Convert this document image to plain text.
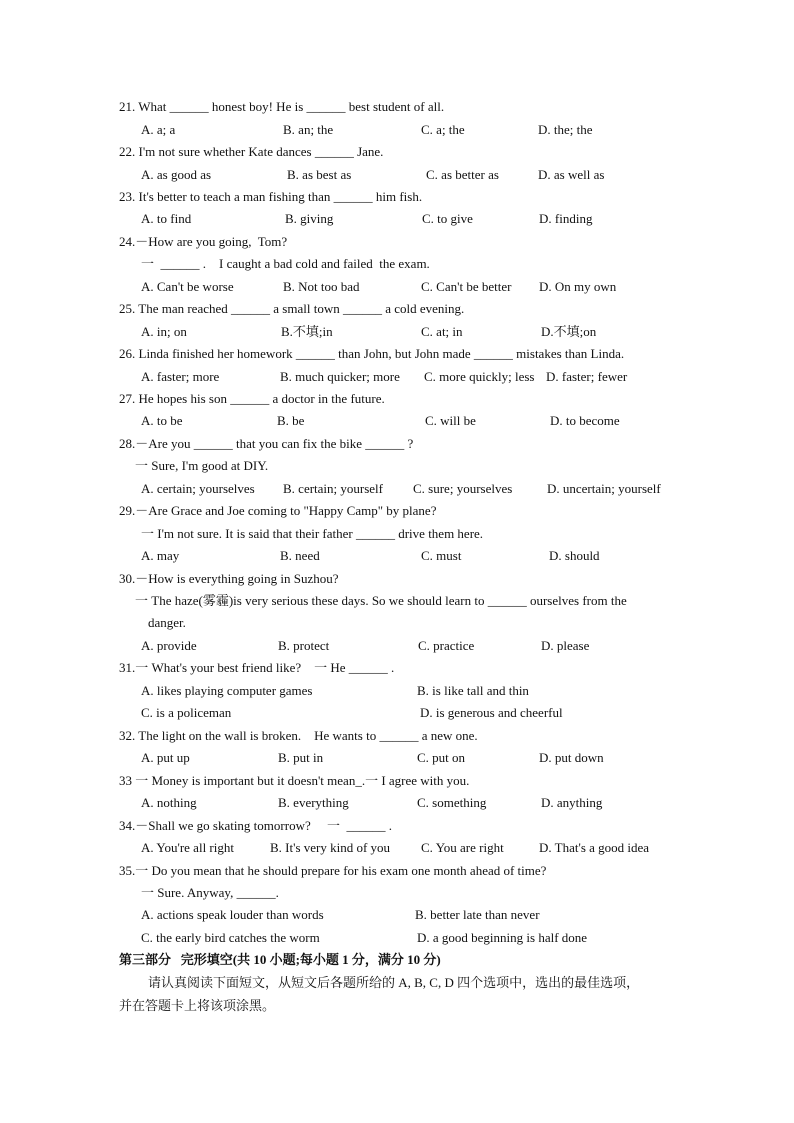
21. What ______ honest boy! He is ______ best student of all.

A. a; a

	B. an; the

	C. a; the

	D. the; the

22. I'm not sure whether Kate dances ______ Jane.

A. as good as

	B. as best as

	C. as better as

	D. as well as

23. It's better to teach a man fishing than ______ him fish.

A. to find

	B. giving

	C. to give

	D. finding

24.－How are you going,  Tom?
一  ______ .    I caught a bad cold and failed  the exam.

A. Can't be worse

	B. Not too bad

	C. Can't be better

D. On my own

25. The man reached ______ a small town ______ a cold evening.

A. in; on

	B.不填;in

	C. at; in

	D.不填;on

26. Linda finished her homework ______ than John, but John made ______ mistakes than Linda.

A. faster; more

	B. much quicker; more

C. more quickly; less

D. faster; fewer

27. He hopes his son ______ a doctor in the future.

A. to be

	B. be

	C. will be

	D. to become

28.－Are you ______ that you can fix the bike ______ ?
一 Sure, I'm good at DIY.

A. certain; yourselves

B. certain; yourself

C. sure; yourselves

	D. uncertain; yourself

29.－Are Grace and Joe coming to "Happy Camp" by plane?
一 I'm not sure. It is said that their father ______ drive them here.

A. may

	B. need

	C. must

	D. should

30.－How is everything going in Suzhou?
一 The haze(雾霾)is very serious these days. So we should learn to ______ ourselves from the
danger.

A. provide

	B. protect

	C. practice

	D. please

31.一 What's your best friend like?    一 He ______ .

A. likes playing computer games

	B. is like tall and thin

C. is a policeman

	D. is generous and cheerful

32. The light on the wall is broken.    He wants to ______ a new one.

A. put up

	B. put in

	C. put on

	D. put down

33 一 Money is important but it doesn't mean_.一 I agree with you.

A. nothing

	B. everything

	C. something

	D. anything

34.－Shall we go skating tomorrow?     一  ______ .

A. You're all right

	B. It's very kind of you

C. You are right

	D. That's a good idea

35.一 Do you mean that he should prepare for his exam one month ahead of time?
一 Sure. Anyway, ______.

A. actions speak louder than words

	B. better late than never

C. the early bird catches the worm

	D. a good beginning is half done

第三部分   完形填空(共 10 小题;每小题 1 分，满分 10 分)
请认真阅读下面短文，从短文后各题所给的 A, B, C, D 四个选项中，选出的最佳选项，
并在答题卡上将该项涂黑。
